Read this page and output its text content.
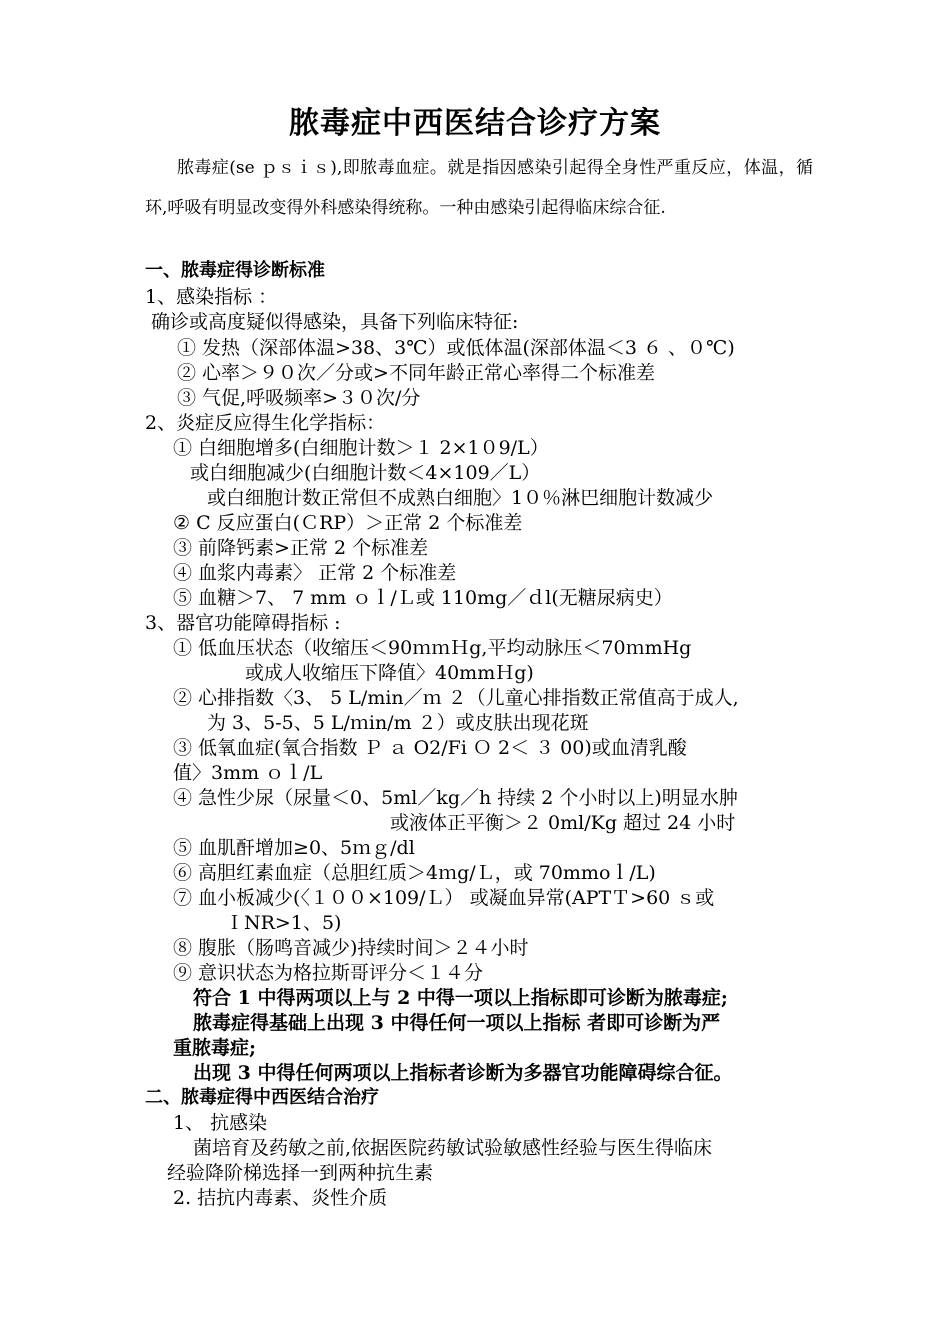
脓毒症中西医结合诊疗方案
脓毒症(se ｐｓｉｓ),即脓毒血症。就是指因感染引起得全身性严重反应，体温，循环,呼吸有明显改变得外科感染得统称。一种由感染引起得临床综合征.
一、脓毒症得诊断标准
1、感染指标 ：
确诊或高度疑似得感染，具备下列临床特征:
① 发热（深部体温>38、3℃）或低体温(深部体温＜3 ６ 、０℃)
② 心率＞９０次／分或>不同年龄正常心率得二个标准差
③ 气促,呼吸频率>３０次/分
2、炎症反应得生化学指标：
① 白细胞增多(白细胞计数＞１ 2×1０9/L）
或白细胞减少(白细胞计数＜4×109／L）
或白细胞计数正常但不成熟白细胞〉1０％淋巴细胞计数减少
② C 反应蛋白(ＣRP）＞正常 2 个标准差
③ 前降钙素>正常 2 个标准差
④ 血浆内毒素〉 正常 2 个标准差
⑤ 血糖＞7、 7 mm ｏｌ/Ｌ或 110mg／ｄl(无糖尿病史）
3、器官功能障碍指标 :
① 低血压状态（收缩压＜90ｍｍＨg,平均动脉压＜70ｍmHg
或成人收缩压下降值〉40mmＨg)
② 心排指数〈3、 5 L/min／ｍ ２（儿童心排指数正常值高于成人,
为 3、5-5、5 L/ｍin/m ２）或皮肤出现花斑
③ 低氧血症(氧合指数 Ｐ ａ O2/Fi Ｏ 2＜ ３ 00)或血清乳酸
值〉3mm ｏｌ/L
④ 急性少尿（尿量＜0、5ml／kg／h 持续 2 个小时以上)明显水肿
或液体正平衡＞２ 0ml/Kg 超过 24 小时
⑤ 血肌酐增加≥0、5ｍｇ/dl
⑥ 高胆红素血症（总胆红质＞4ｍg/Ｌ，或 70mmoｌ/L)
⑦ 血小板减少(〈１００×109/Ｌ） 或凝血异常(APTＴ>60 ｓ或
ＩNR>1、5)
⑧ 腹胀（肠鸣音减少)持续时间＞２４小时
⑨ 意识状态为格拉斯哥评分＜１４分
符合 1 中得两项以上与 2 中得一项以上指标即可诊断为脓毒症;
脓毒症得基础上出现 3 中得任何一项以上指标 者即可诊断为严
重脓毒症;
出现 3 中得任何两项以上指标者诊断为多器官功能障碍综合征。
二、脓毒症得中西医结合治疗
1、 抗感染
菌培育及药敏之前,依据医院药敏试验敏感性经验与医生得临床
经验降阶梯选择一到两种抗生素
2. 拮抗内毒素、炎性介质
